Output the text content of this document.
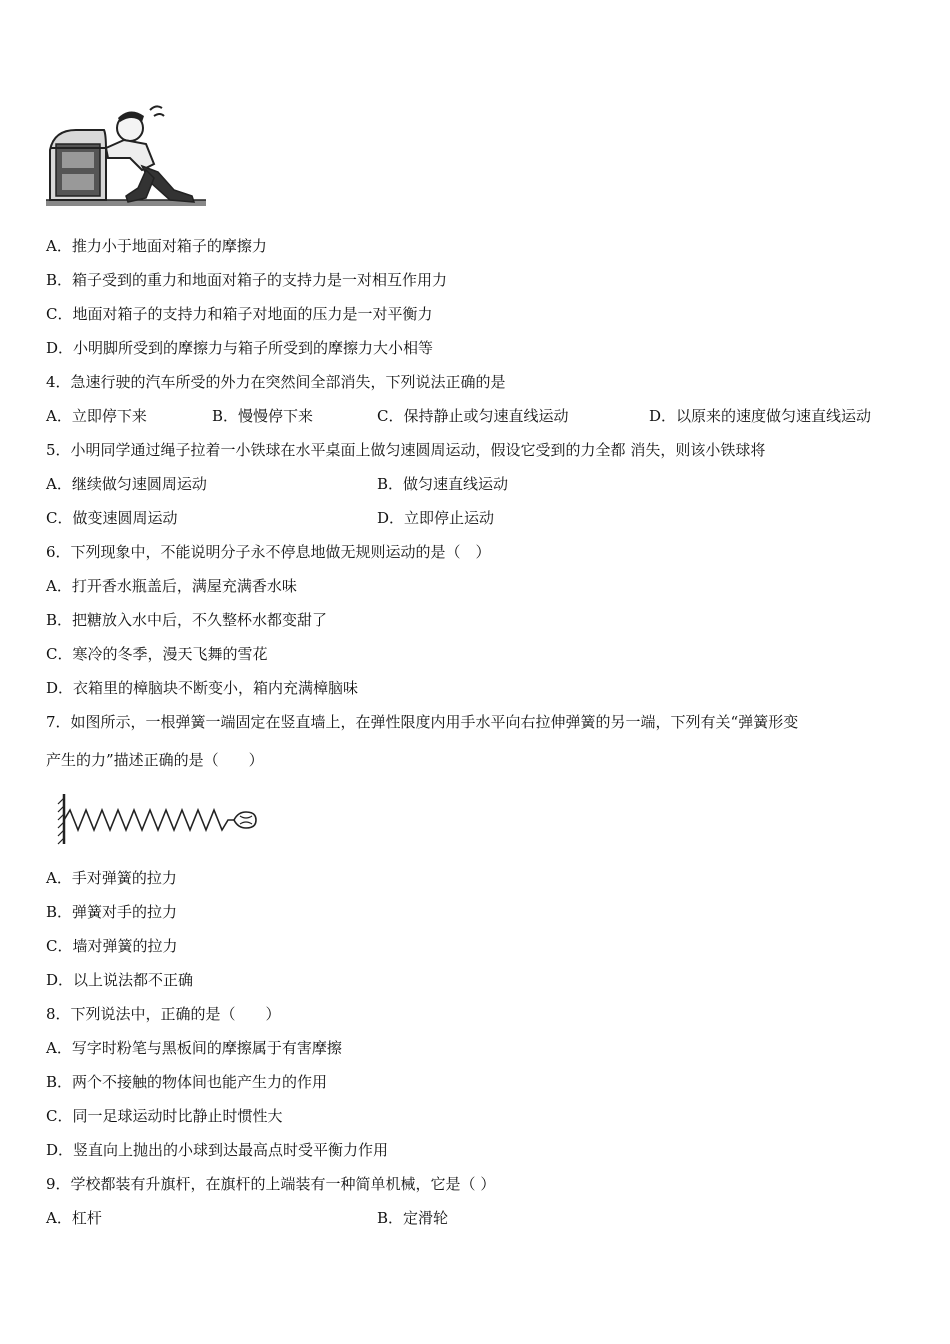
A．推力小于地面对箱子的摩擦力
B．箱子受到的重力和地面对箱子的支持力是一对相互作用力
C．地面对箱子的支持力和箱子对地面的压力是一对平衡力
D．小明脚所受到的摩擦力与箱子所受到的摩擦力大小相等
4．急速行驶的汽车所受的外力在突然间全部消失，下列说法正确的是
A．立即停下来	B．慢慢停下来	C．保持静止或匀速直线运动	D．以原来的速度做匀速直线运动
5．小明同学通过绳子拉着一小铁球在水平桌面上做匀速圆周运动，假设它受到的力全都 消失，则该小铁球将
A．继续做匀速圆周运动	B．做匀速直线运动
C．做变速圆周运动	D．立即停止运动
6．下列现象中，不能说明分子永不停息地做无规则运动的是（　）
A．打开香水瓶盖后，满屋充满香水味
B．把糖放入水中后，不久整杯水都变甜了
C．寒冷的冬季，漫天飞舞的雪花
D．衣箱里的樟脑块不断变小，箱内充满樟脑味
7．如图所示，一根弹簧一端固定在竖直墙上，在弹性限度内用手水平向右拉伸弹簧的另一端，下列有关“弹簧形变
产生的力”描述正确的是（　　）
A．手对弹簧的拉力
B．弹簧对手的拉力
C．墙对弹簧的拉力
D．以上说法都不正确
8．下列说法中，正确的是（　　）
A．写字时粉笔与黑板间的摩擦属于有害摩擦
B．两个不接触的物体间也能产生力的作用
C．同一足球运动时比静止时惯性大
D．竖直向上抛出的小球到达最高点时受平衡力作用
9．学校都装有升旗杆，在旗杆的上端装有一种简单机械，它是（ ）
A．杠杆	B．定滑轮
